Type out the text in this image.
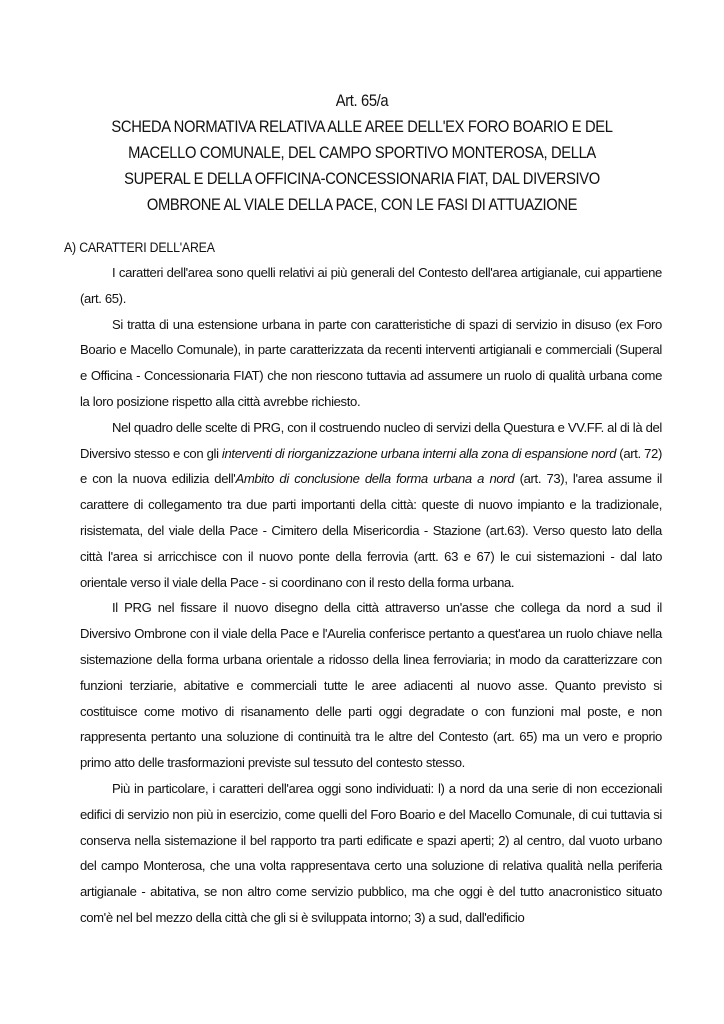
Art. 65/a
SCHEDA NORMATIVA RELATIVA ALLE AREE DELL'EX FORO BOARIO E DEL MACELLO COMUNALE, DEL CAMPO SPORTIVO MONTEROSA, DELLA SUPERAL E DELLA OFFICINA-CONCESSIONARIA FIAT, DAL DIVERSIVO OMBRONE AL VIALE DELLA PACE, CON LE FASI DI ATTUAZIONE
A) CARATTERI DELL'AREA

I caratteri dell'area sono quelli relativi ai più generali del Contesto dell'area artigianale, cui appartiene (art. 65).

Si tratta di una estensione urbana in parte con caratteristiche di spazi di servizio in disuso (ex Foro Boario e Macello Comunale), in parte caratterizzata da recenti interventi artigianali e commerciali (Superal e Officina - Concessionaria FIAT) che non riescono tuttavia ad assumere un ruolo di qualità urbana come la loro posizione rispetto alla città avrebbe richiesto.

Nel quadro delle scelte di PRG, con il costruendo nucleo di servizi della Questura e VV.FF. al di là del Diversivo stesso e con gli interventi di riorganizzazione urbana interni alla zona di espansione nord (art. 72) e con la nuova edilizia dell'Ambito di conclusione della forma urbana a nord (art. 73), l'area assume il carattere di collegamento tra due parti importanti della città: queste di nuovo impianto e la tradizionale, risistemata, del viale della Pace - Cimitero della Misericordia - Stazione (art.63). Verso questo lato della città l'area si arricchisce con il nuovo ponte della ferrovia (artt. 63 e 67) le cui sistemazioni - dal lato orientale verso il viale della Pace - si coordinano con il resto della forma urbana.

Il PRG nel fissare il nuovo disegno della città attraverso un'asse che collega da nord a sud il Diversivo Ombrone con il viale della Pace e l'Aurelia conferisce pertanto a quest'area un ruolo chiave nella sistemazione della forma urbana orientale a ridosso della linea ferroviaria; in modo da caratterizzare con funzioni terziarie, abitative e commerciali tutte le aree adiacenti al nuovo asse. Quanto previsto si costituisce come motivo di risanamento delle parti oggi degradate o con funzioni mal poste, e non rappresenta pertanto una soluzione di continuità tra le altre del Contesto (art. 65) ma un vero e proprio primo atto delle trasformazioni previste sul tessuto del contesto stesso.

Più in particolare, i caratteri dell'area oggi sono individuati: l) a nord da una serie di non eccezionali edifici di servizio non più in esercizio, come quelli del Foro Boario e del Macello Comunale, di cui tuttavia si conserva nella sistemazione il bel rapporto tra parti edificate e spazi aperti; 2) al centro, dal vuoto urbano del campo Monterosa, che una volta rappresentava certo una soluzione di relativa qualità nella periferia artigianale - abitativa, se non altro come servizio pubblico, ma che oggi è del tutto anacronistico situato com'è nel bel mezzo della città che gli si è sviluppata intorno; 3) a sud, dall'edificio
